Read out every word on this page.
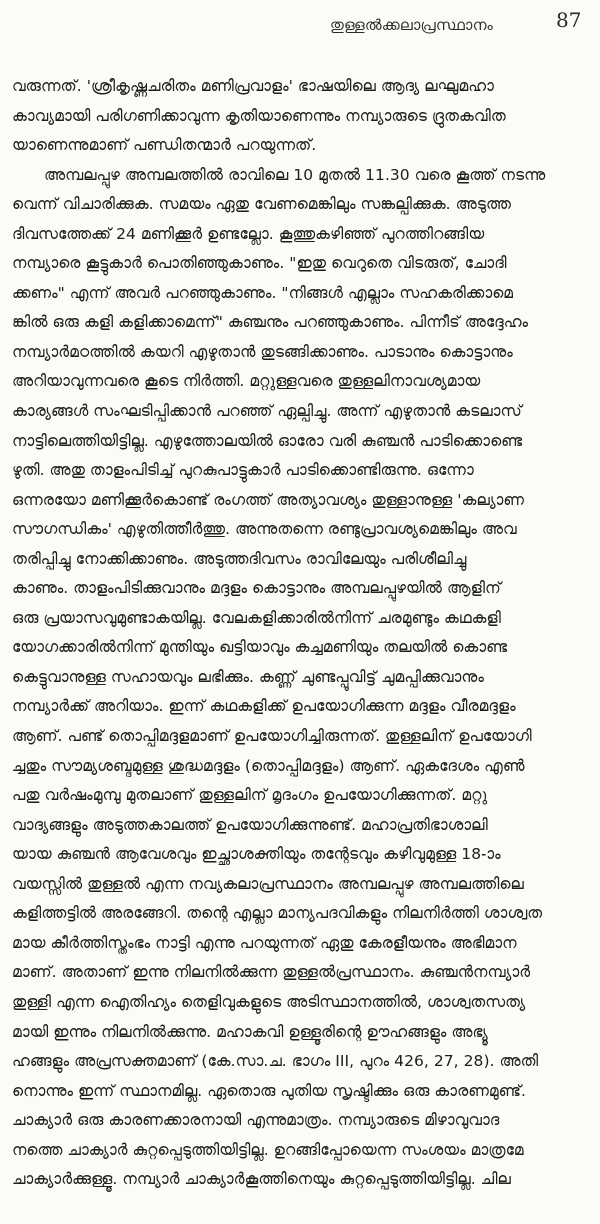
തുള്ളൽക്കലാപ്രസ്ഥാനം	87
വരുന്നത്. 'ശ്രീകൃഷ്ണചരിതം മണിപ്രവാളം' ഭാഷയിലെ ആദ്യ ലഘുമഹാ
കാവ്യമായി പരിഗണിക്കാവുന്ന കൃതിയാണെന്നും നമ്പ്യാരുടെ ദ്രുതകവിത
യാണെന്നുമാണ് പണ്ഡിതന്മാർ പറയുന്നത്.
അമ്പലപ്പുഴ അമ്പലത്തിൽ രാവിലെ 10 മുതൽ 11.30 വരെ കൂത്ത് നടന്നു
വെന്ന് വിചാരിക്കുക. സമയം ഏതു വേണമെങ്കിലും സങ്കല്പിക്കുക. അടുത്ത
ദിവസത്തേക്ക് 24 മണിക്കൂർ ഉണ്ടല്ലോ. കൂത്തുകഴിഞ്ഞ് പുറത്തിറങ്ങിയ
നമ്പ്യാരെ കൂട്ടുകാർ പൊതിഞ്ഞുകാണും. "ഇതു വെറുതെ വിടരുത്, ചോദി
ക്കണം" എന്ന് അവർ പറഞ്ഞുകാണും. "നിങ്ങൾ എല്ലാം സഹകരിക്കാമെ
ങ്കിൽ ഒരു കളി കളിക്കാമെന്ന്" കുഞ്ചനും പറഞ്ഞുകാണും. പിന്നീട് അദ്ദേഹം
നമ്പ്യാർമഠത്തിൽ കയറി എഴുതാൻ തുടങ്ങിക്കാണും. പാടാനും കൊട്ടാനും
അറിയാവുന്നവരെ കൂടെ നിർത്തി. മറ്റുള്ളവരെ തുള്ളലിനാവശ്യമായ
കാര്യങ്ങൾ സംഘടിപ്പിക്കാൻ പറഞ്ഞ് ഏല്പിച്ചു. അന്ന് എഴുതാൻ കടലാസ്
നാട്ടിലെത്തിയിട്ടില്ല. എഴുത്തോലയിൽ ഓരോ വരി കുഞ്ചൻ പാടിക്കൊണ്ടെ
ഴുതി. അതു താളംപിടിച്ച് പുറകുപാട്ടുകാർ പാടിക്കൊണ്ടിരുന്നു. ഒന്നോ
ഒന്നരയോ മണിക്കൂർകൊണ്ട് രംഗത്ത് അത്യാവശ്യം തുള്ളാനുള്ള 'കല്യാണ
സൗഗന്ധികം' എഴുതിത്തീർത്തു. അന്നുതന്നെ രണ്ടുപ്രാവശ്യമെങ്കിലും അവ
തരിപ്പിച്ചു നോക്കിക്കാണും. അടുത്തദിവസം രാവിലേയും പരിശീലിച്ചു
കാണും. താളംപിടിക്കുവാനും മദ്ദളം കൊട്ടാനും അമ്പലപ്പുഴയിൽ ആളിന്
ഒരു പ്രയാസവുമുണ്ടാകയില്ല. വേലകളിക്കാരിൽനിന്ന് ചരമുണ്ടും കഥകളി
യോഗക്കാരിൽനിന്ന് മുന്തിയും ഖട്ടിയാവും കച്ചമണിയും തലയിൽ കൊണ്ട
കെട്ടുവാനുള്ള സഹായവും ലഭിക്കും. കണ്ണ് ചുണ്ടപ്പൂവിട്ട് ചുമപ്പിക്കുവാനും
നമ്പ്യാർക്ക് അറിയാം. ഇന്ന് കഥകളിക്ക് ഉപയോഗിക്കുന്ന മദ്ദളം വീരമദ്ദളം
ആണ്. പണ്ട് തൊപ്പിമദ്ദളമാണ് ഉപയോഗിച്ചിരുന്നത്. തുള്ളലിന് ഉപയോഗി
ച്ചതും സൗമ്യശബ്ദമുള്ള ശുദ്ധമദ്ദളം (തൊപ്പിമദ്ദളം) ആണ്. ഏകദേശം എൺ
പതു വർഷംമുമ്പു മുതലാണ് തുള്ളലിന് മൃദംഗം ഉപയോഗിക്കുന്നത്. മറ്റു
വാദ്യങ്ങളും അടുത്തകാലത്ത് ഉപയോഗിക്കുന്നുണ്ട്. മഹാപ്രതിഭാശാലി
യായ കുഞ്ചൻ ആവേശവും ഇച്ഛാശക്തിയും തന്റേടവും കഴിവുമുള്ള 18-ാം
വയസ്സിൽ തുള്ളൽ എന്ന നവ്യകലാപ്രസ്ഥാനം അമ്പലപ്പുഴ അമ്പലത്തിലെ
കളിത്തട്ടിൽ അരങ്ങേറി. തന്റെ എല്ലാ മാന്യപദവികളും നിലനിർത്തി ശാശ്വത
മായ കീർത്തിസ്തംഭം നാട്ടി എന്നു പറയുന്നത് ഏതു കേരളീയനും അഭിമാന
മാണ്. അതാണ് ഇന്നു നിലനിൽക്കുന്ന തുള്ളൽപ്രസ്ഥാനം. കുഞ്ചൻനമ്പ്യാർ
തുള്ളി എന്ന ഐതിഹ്യം തെളിവുകളുടെ അടിസ്ഥാനത്തിൽ, ശാശ്വതസത്യ
മായി ഇന്നും നിലനിൽക്കുന്നു. മഹാകവി ഉള്ളൂരിന്റെ ഊഹങ്ങളും അഭ്യൂ
ഹങ്ങളും അപ്രസക്തമാണ് (കേ.സാ.ച. ഭാഗം III, പുറം 426, 27, 28). അതി
നൊന്നും ഇന്ന് സ്ഥാനമില്ല. ഏതൊരു പുതിയ സൃഷ്ടിക്കും ഒരു കാരണമുണ്ട്.
ചാക്യാർ ഒരു കാരണക്കാരനായി എന്നുമാത്രം. നമ്പ്യാരുടെ മിഴാവുവാദ
നത്തെ ചാക്യാർ കുറ്റപ്പെടുത്തിയിട്ടില്ല. ഉറങ്ങിപ്പോയെന്ന സംശയം മാത്രമേ
ചാക്യാർക്കുള്ളൂ. നമ്പ്യാർ ചാക്യാർകൂത്തിനെയും കുറ്റപ്പെടുത്തിയിട്ടില്ല. ചില
